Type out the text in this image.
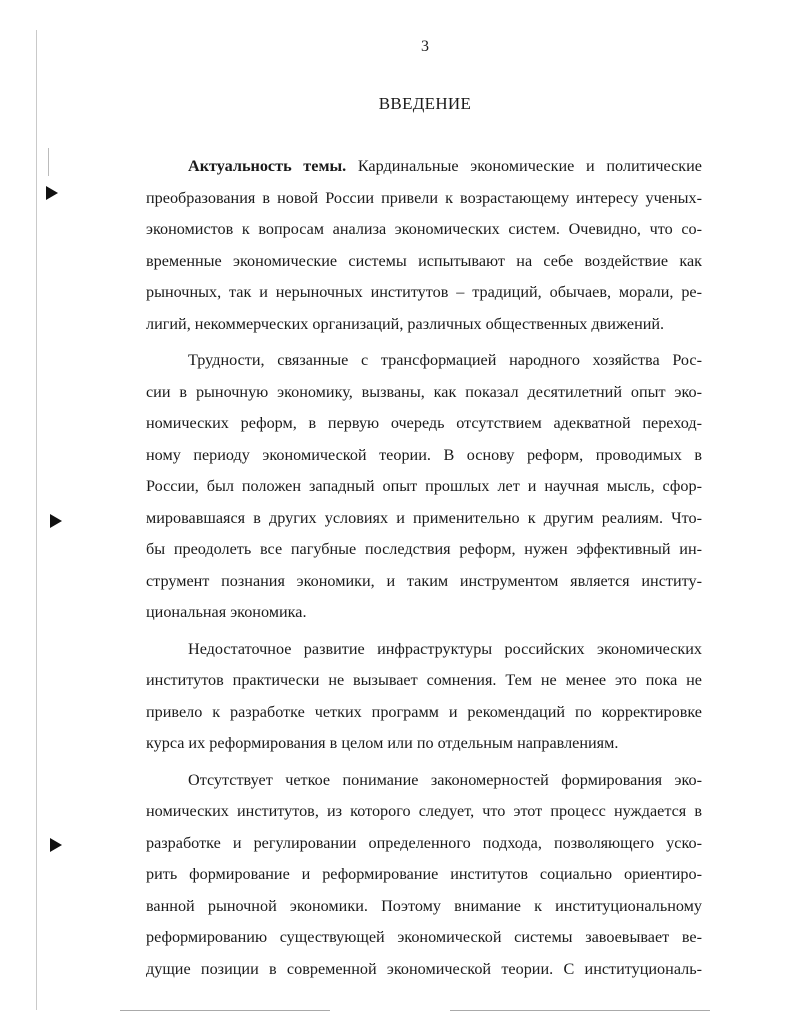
3
ВВЕДЕНИЕ
Актуальность темы. Кардинальные экономические и политические
преобразования в новой России привели к возрастающему интересу ученых-
экономистов к вопросам анализа экономических систем. Очевидно, что со-
временные экономические системы испытывают на себе воздействие как
рыночных, так и нерыночных институтов – традиций, обычаев, морали, ре-
лигий, некоммерческих организаций, различных общественных движений.
Трудности, связанные с трансформацией народного хозяйства Рос-
сии в рыночную экономику, вызваны, как показал десятилетний опыт эко-
номических реформ, в первую очередь отсутствием адекватной переход-
ному периоду экономической теории. В основу реформ, проводимых в
России, был положен западный опыт прошлых лет и научная мысль, сфор-
мировавшаяся в других условиях и применительно к другим реалиям. Что-
бы преодолеть все пагубные последствия реформ, нужен эффективный ин-
струмент познания экономики, и таким инструментом является институ-
циональная экономика.
Недостаточное развитие инфраструктуры российских экономических
институтов практически не вызывает сомнения. Тем не менее это пока не
привело к разработке четких программ и рекомендаций по корректировке
курса их реформирования в целом или по отдельным направлениям.
Отсутствует четкое понимание закономерностей формирования эко-
номических институтов, из которого следует, что этот процесс нуждается в
разработке и регулировании определенного подхода, позволяющего уско-
рить формирование и реформирование институтов социально ориентиро-
ванной рыночной экономики. Поэтому внимание к институциональному
реформированию существующей экономической системы завоевывает ве-
дущие позиции в современной экономической теории. С институциональ-
